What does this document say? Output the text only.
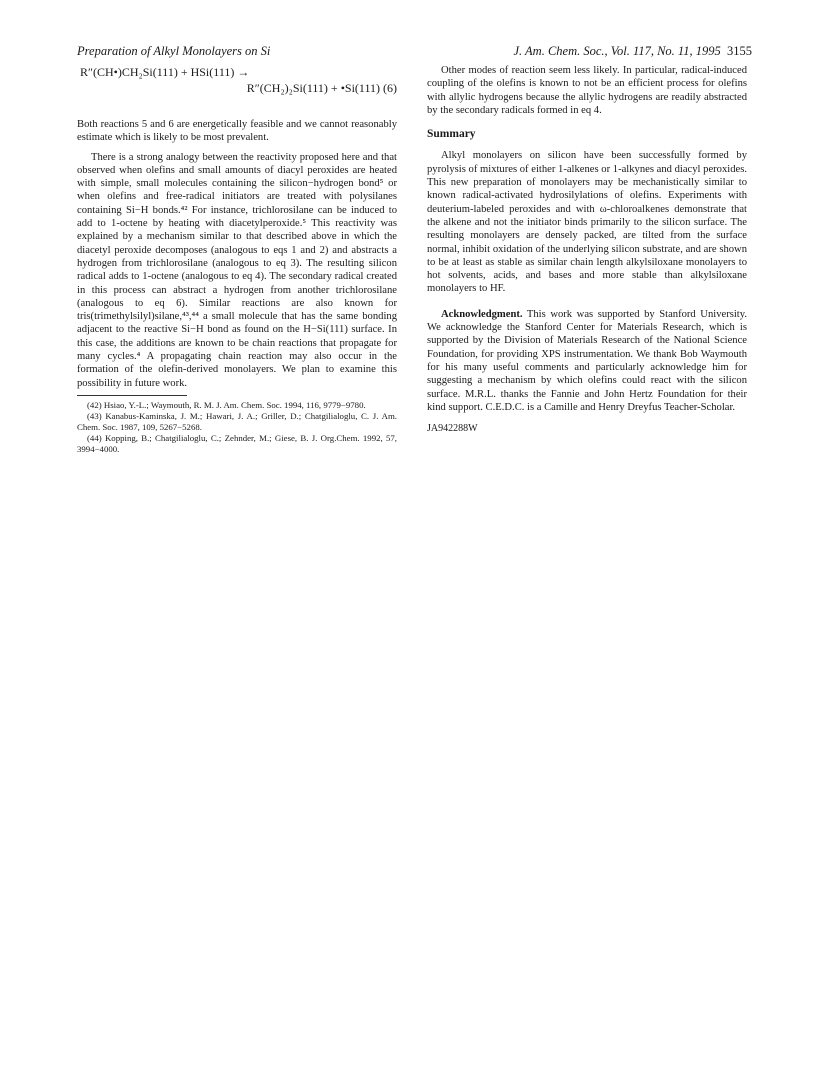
Preparation of Alkyl Monolayers on Si	J. Am. Chem. Soc., Vol. 117, No. 11, 1995 3155
R″(CH•)CH₂Si(111) + HSi(111) →
R″(CH₂)₂Si(111) + •Si(111) (6)

Both reactions 5 and 6 are energetically feasible and we cannot reasonably estimate which is likely to be most prevalent.

There is a strong analogy between the reactivity proposed here and that observed when olefins and small amounts of diacyl peroxides are heated with simple, small molecules containing the silicon−hydrogen bond⁵ or when olefins and free-radical initiators are treated with polysilanes containing Si−H bonds.⁴² For instance, trichlorosilane can be induced to add to 1-octene by heating with diacetylperoxide.⁵ This reactivity was explained by a mechanism similar to that described above in which the diacetyl peroxide decomposes (analogous to eqs 1 and 2) and abstracts a hydrogen from trichlorosilane (analogous to eq 3). The resulting silicon radical adds to 1-octene (analogous to eq 4). The secondary radical created in this process can abstract a hydrogen from another trichlorosilane (analogous to eq 6). Similar reactions are also known for tris(trimethylsilyl)silane,⁴³,⁴⁴ a small molecule that has the same bonding adjacent to the reactive Si−H bond as found on the H−Si(111) surface. In this case, the additions are known to be chain reactions that propagate for many cycles.⁴ A propagating chain reaction may also occur in the formation of the olefin-derived monolayers. We plan to examine this possibility in future work.

(42) Hsiao, Y.-L.; Waymouth, R. M. J. Am. Chem. Soc. 1994, 116, 9779−9780.

(43) Kanabus-Kaminska, J. M.; Hawari, J. A.; Griller, D.; Chatgilialoglu, C. J. Am. Chem. Soc. 1987, 109, 5267−5268.

(44) Kopping, B.; Chatgilialoglu, C.; Zehnder, M.; Giese, B. J. Org.Chem. 1992, 57, 3994−4000.

Other modes of reaction seem less likely. In particular, radical-induced coupling of the olefins is known to not be an efficient process for olefins with allylic hydrogens because the allylic hydrogens are readily abstracted by the secondary radicals formed in eq 4.

Summary

Alkyl monolayers on silicon have been successfully formed by pyrolysis of mixtures of either 1-alkenes or 1-alkynes and diacyl peroxides. This new preparation of monolayers may be mechanistically similar to known radical-activated hydrosilylations of olefins. Experiments with deuterium-labeled peroxides and with ω-chloroalkenes demonstrate that the alkene and not the initiator binds primarily to the silicon surface. The resulting monolayers are densely packed, are tilted from the surface normal, inhibit oxidation of the underlying silicon substrate, and are shown to be at least as stable as similar chain length alkylsiloxane monolayers to hot solvents, acids, and bases and more stable than alkylsiloxane monolayers to HF.

Acknowledgment. This work was supported by Stanford University. We acknowledge the Stanford Center for Materials Research, which is supported by the Division of Materials Research of the National Science Foundation, for providing XPS instrumentation. We thank Bob Waymouth for his many useful comments and particularly acknowledge him for suggesting a mechanism by which olefins could react with the silicon surface. M.R.L. thanks the Fannie and John Hertz Foundation for their kind support. C.E.D.C. is a Camille and Henry Dreyfus Teacher-Scholar.

JA942288W
